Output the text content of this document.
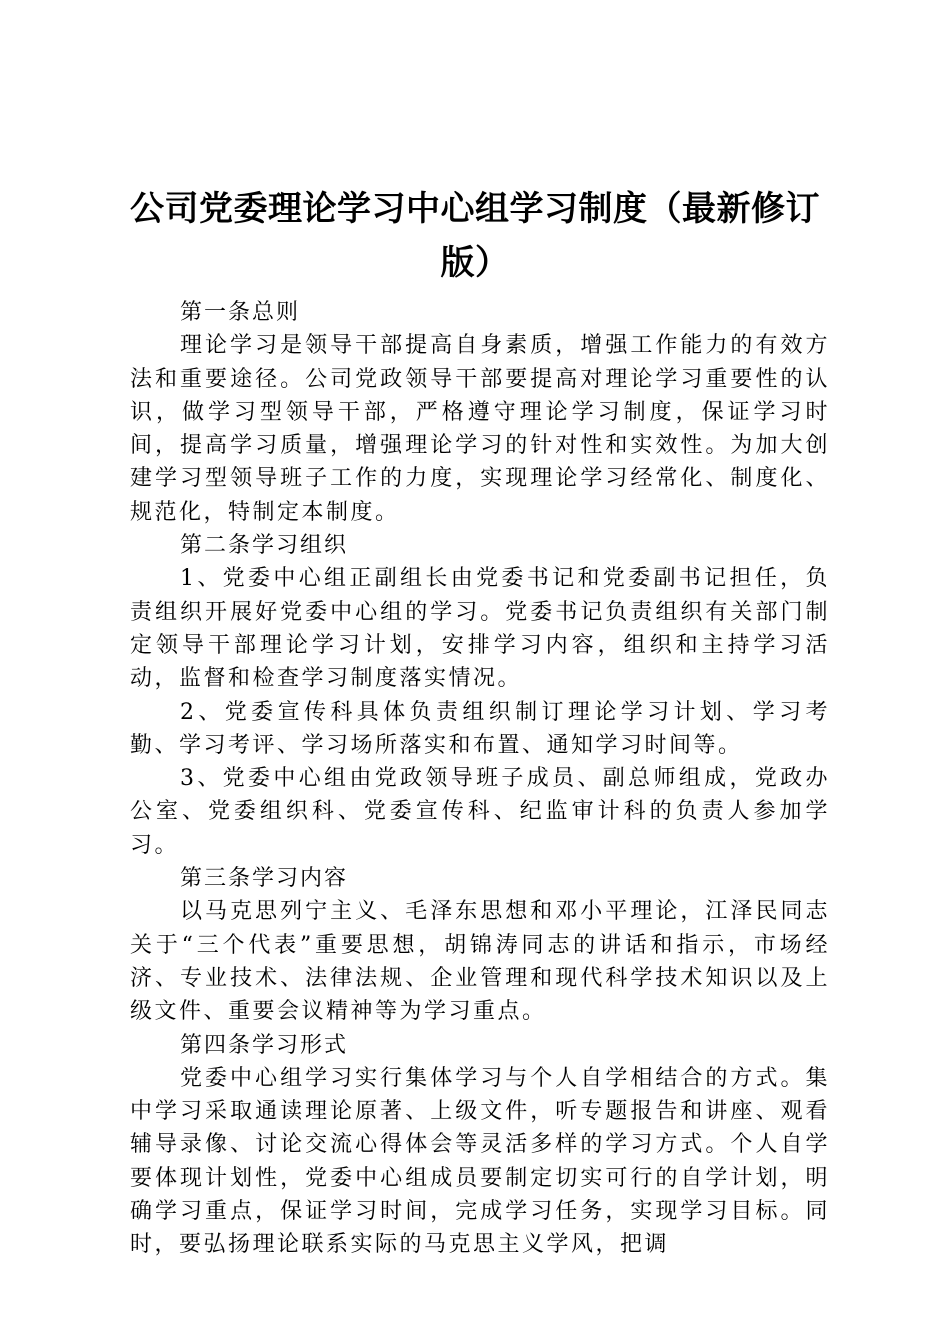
公司党委理论学习中心组学习制度（最新修订版）

第一条总则

理论学习是领导干部提高自身素质，增强工作能力的有效方法和重要途径。公司党政领导干部要提高对理论学习重要性的认识，做学习型领导干部，严格遵守理论学习制度，保证学习时间，提高学习质量，增强理论学习的针对性和实效性。为加大创建学习型领导班子工作的力度，实现理论学习经常化、制度化、规范化，特制定本制度。

第二条学习组织

1、党委中心组正副组长由党委书记和党委副书记担任，负责组织开展好党委中心组的学习。党委书记负责组织有关部门制定领导干部理论学习计划，安排学习内容，组织和主持学习活动，监督和检查学习制度落实情况。

2、党委宣传科具体负责组织制订理论学习计划、学习考勤、学习考评、学习场所落实和布置、通知学习时间等。

3、党委中心组由党政领导班子成员、副总师组成，党政办公室、党委组织科、党委宣传科、纪监审计科的负责人参加学习。

第三条学习内容

以马克思列宁主义、毛泽东思想和邓小平理论，江泽民同志关于“三个代表”重要思想，胡锦涛同志的讲话和指示，市场经济、专业技术、法律法规、企业管理和现代科学技术知识以及上级文件、重要会议精神等为学习重点。

第四条学习形式

党委中心组学习实行集体学习与个人自学相结合的方式。集中学习采取通读理论原著、上级文件，听专题报告和讲座、观看辅导录像、讨论交流心得体会等灵活多样的学习方式。个人自学要体现计划性，党委中心组成员要制定切实可行的自学计划，明确学习重点，保证学习时间，完成学习任务，实现学习目标。同时，要弘扬理论联系实际的马克思主义学风，把调
